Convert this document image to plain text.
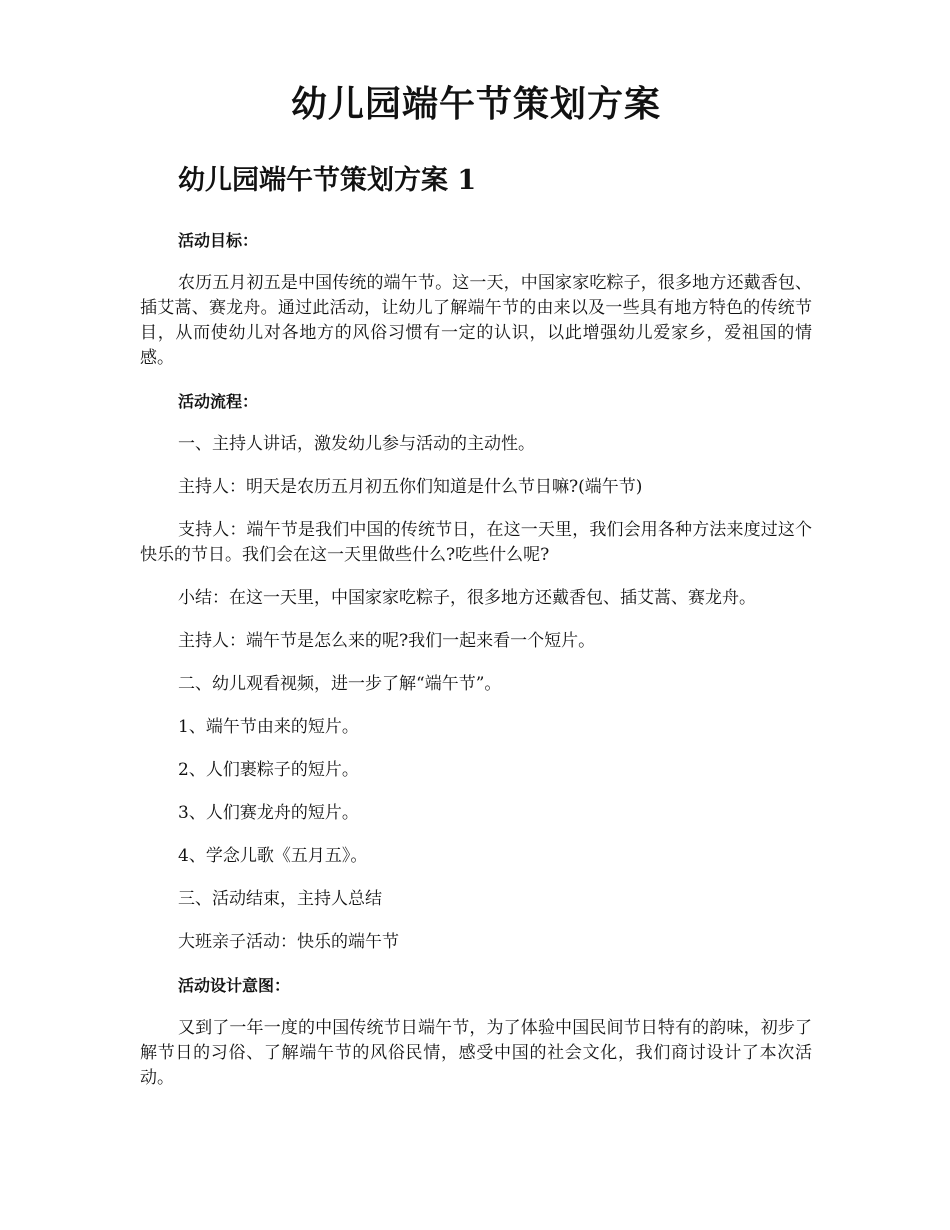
幼儿园端午节策划方案
幼儿园端午节策划方案 1

活动目标：

农历五月初五是中国传统的端午节。这一天，中国家家吃粽子，很多地方还戴香包、插艾蒿、赛龙舟。通过此活动，让幼儿了解端午节的由来以及一些具有地方特色的传统节目，从而使幼儿对各地方的风俗习惯有一定的认识，以此增强幼儿爱家乡，爱祖国的情感。

活动流程：

一、主持人讲话，激发幼儿参与活动的主动性。

主持人：明天是农历五月初五你们知道是什么节日嘛?(端午节)

支持人：端午节是我们中国的传统节日，在这一天里，我们会用各种方法来度过这个快乐的节日。我们会在这一天里做些什么?吃些什么呢?

小结：在这一天里，中国家家吃粽子，很多地方还戴香包、插艾蒿、赛龙舟。

主持人：端午节是怎么来的呢?我们一起来看一个短片。

二、幼儿观看视频，进一步了解“端午节”。

1、端午节由来的短片。

2、人们裹粽子的短片。

3、人们赛龙舟的短片。

4、学念儿歌《五月五》。

三、活动结束，主持人总结

大班亲子活动：快乐的端午节

活动设计意图：

又到了一年一度的中国传统节日端午节，为了体验中国民间节日特有的韵味，初步了解节日的习俗、了解端午节的风俗民情，感受中国的社会文化，我们商讨设计了本次活动。
